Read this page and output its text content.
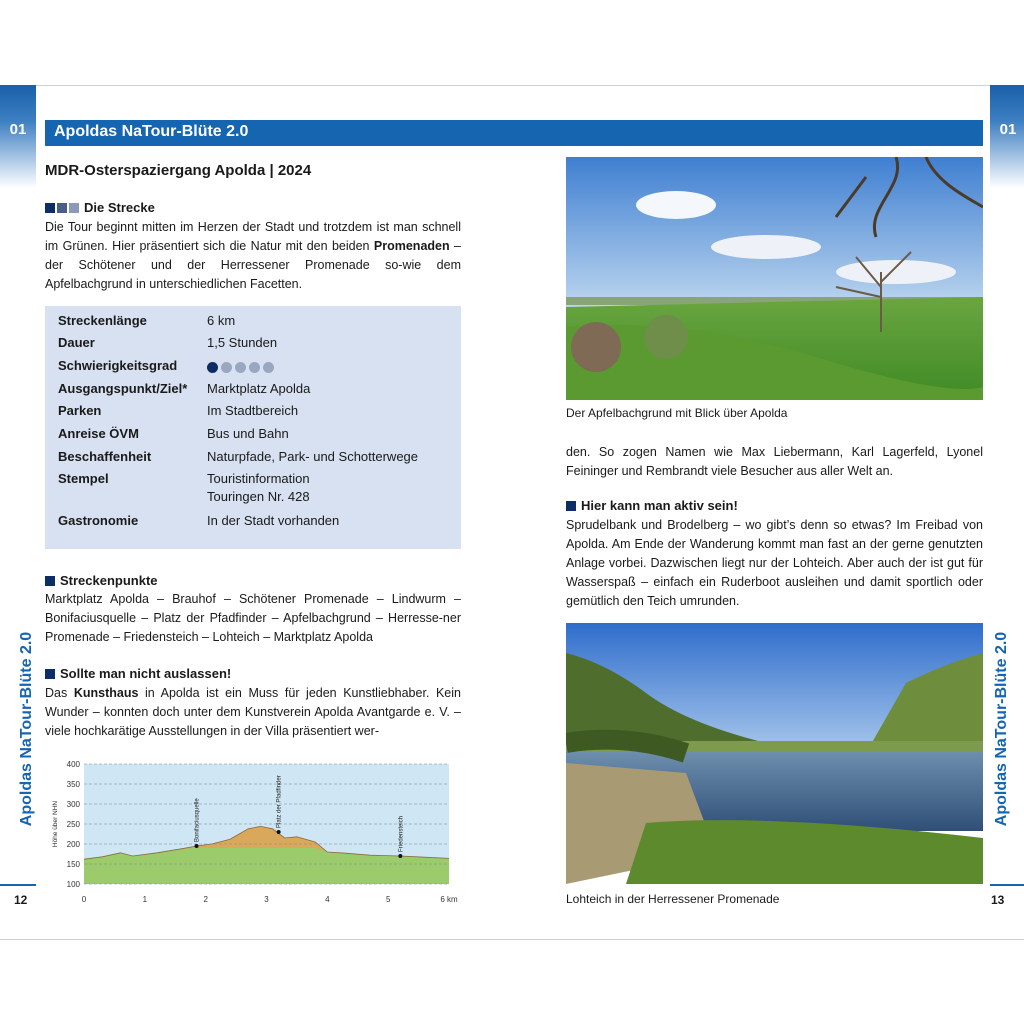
01	01
Apoldas NaTour-Blüte 2.0
Apoldas NaTour-Blüte 2.0	Apoldas NaTour-Blüte 2.0
12	13
MDR-Osterspaziergang Apolda | 2024
Die Strecke

Die Tour beginnt mitten im Herzen der Stadt und trotzdem ist man schnell im Grünen. Hier präsentiert sich die Natur mit den beiden Promenaden – der Schötener und der Herressener Promenade so-wie dem Apfelbachgrund in unterschiedlichen Facetten.

Streckenlänge	6 km
Dauer	1,5 Stunden
Schwierigkeitsgrad
Ausgangspunkt/Ziel* Marktplatz Apolda
Parken	Im Stadtbereich
Anreise ÖVM	Bus und Bahn
Beschaffenheit	Naturpfade, Park- und Schotterwege
Stempel	Touristinformation
Touringen Nr. 428
Gastronomie	In der Stadt vorhanden
Streckenpunkte

Marktplatz Apolda – Brauhof – Schötener Promenade – Lindwurm – Bonifaciusquelle – Platz der Pfadfinder – Apfelbachgrund – Herresse-ner Promenade – Friedensteich – Lohteich – Marktplatz Apolda

Sollte man nicht auslassen!

Das Kunsthaus in Apolda ist ein Muss für jeden Kunstliebhaber. Kein Wunder – konnten doch unter dem Kunstverein Apolda Avantgarde e. V. – viele hochkarätige Ausstellungen in der Villa präsentiert wer-

100
150
200
250
300
350
400
0	1	2	3	4	5	6 km
Höhe über NHN	Bonifaciusquelle	Platz der Pfadfinder
Friedensteich
Der Apfelbachgrund mit Blick über Apolda

den. So zogen Namen wie Max Liebermann, Karl Lagerfeld, Lyonel Feininger und Rembrandt viele Besucher aus aller Welt an.

Hier kann man aktiv sein!

Sprudelbank und Brodelberg – wo gibt’s denn so etwas? Im Freibad von Apolda. Am Ende der Wanderung kommt man fast an der gerne genutzten Anlage vorbei. Dazwischen liegt nur der Lohteich. Aber auch der ist gut für Wasserspaß – einfach ein Ruderboot ausleihen und damit sportlich oder gemütlich den Teich umrunden.

Lohteich in der Herressener Promenade
